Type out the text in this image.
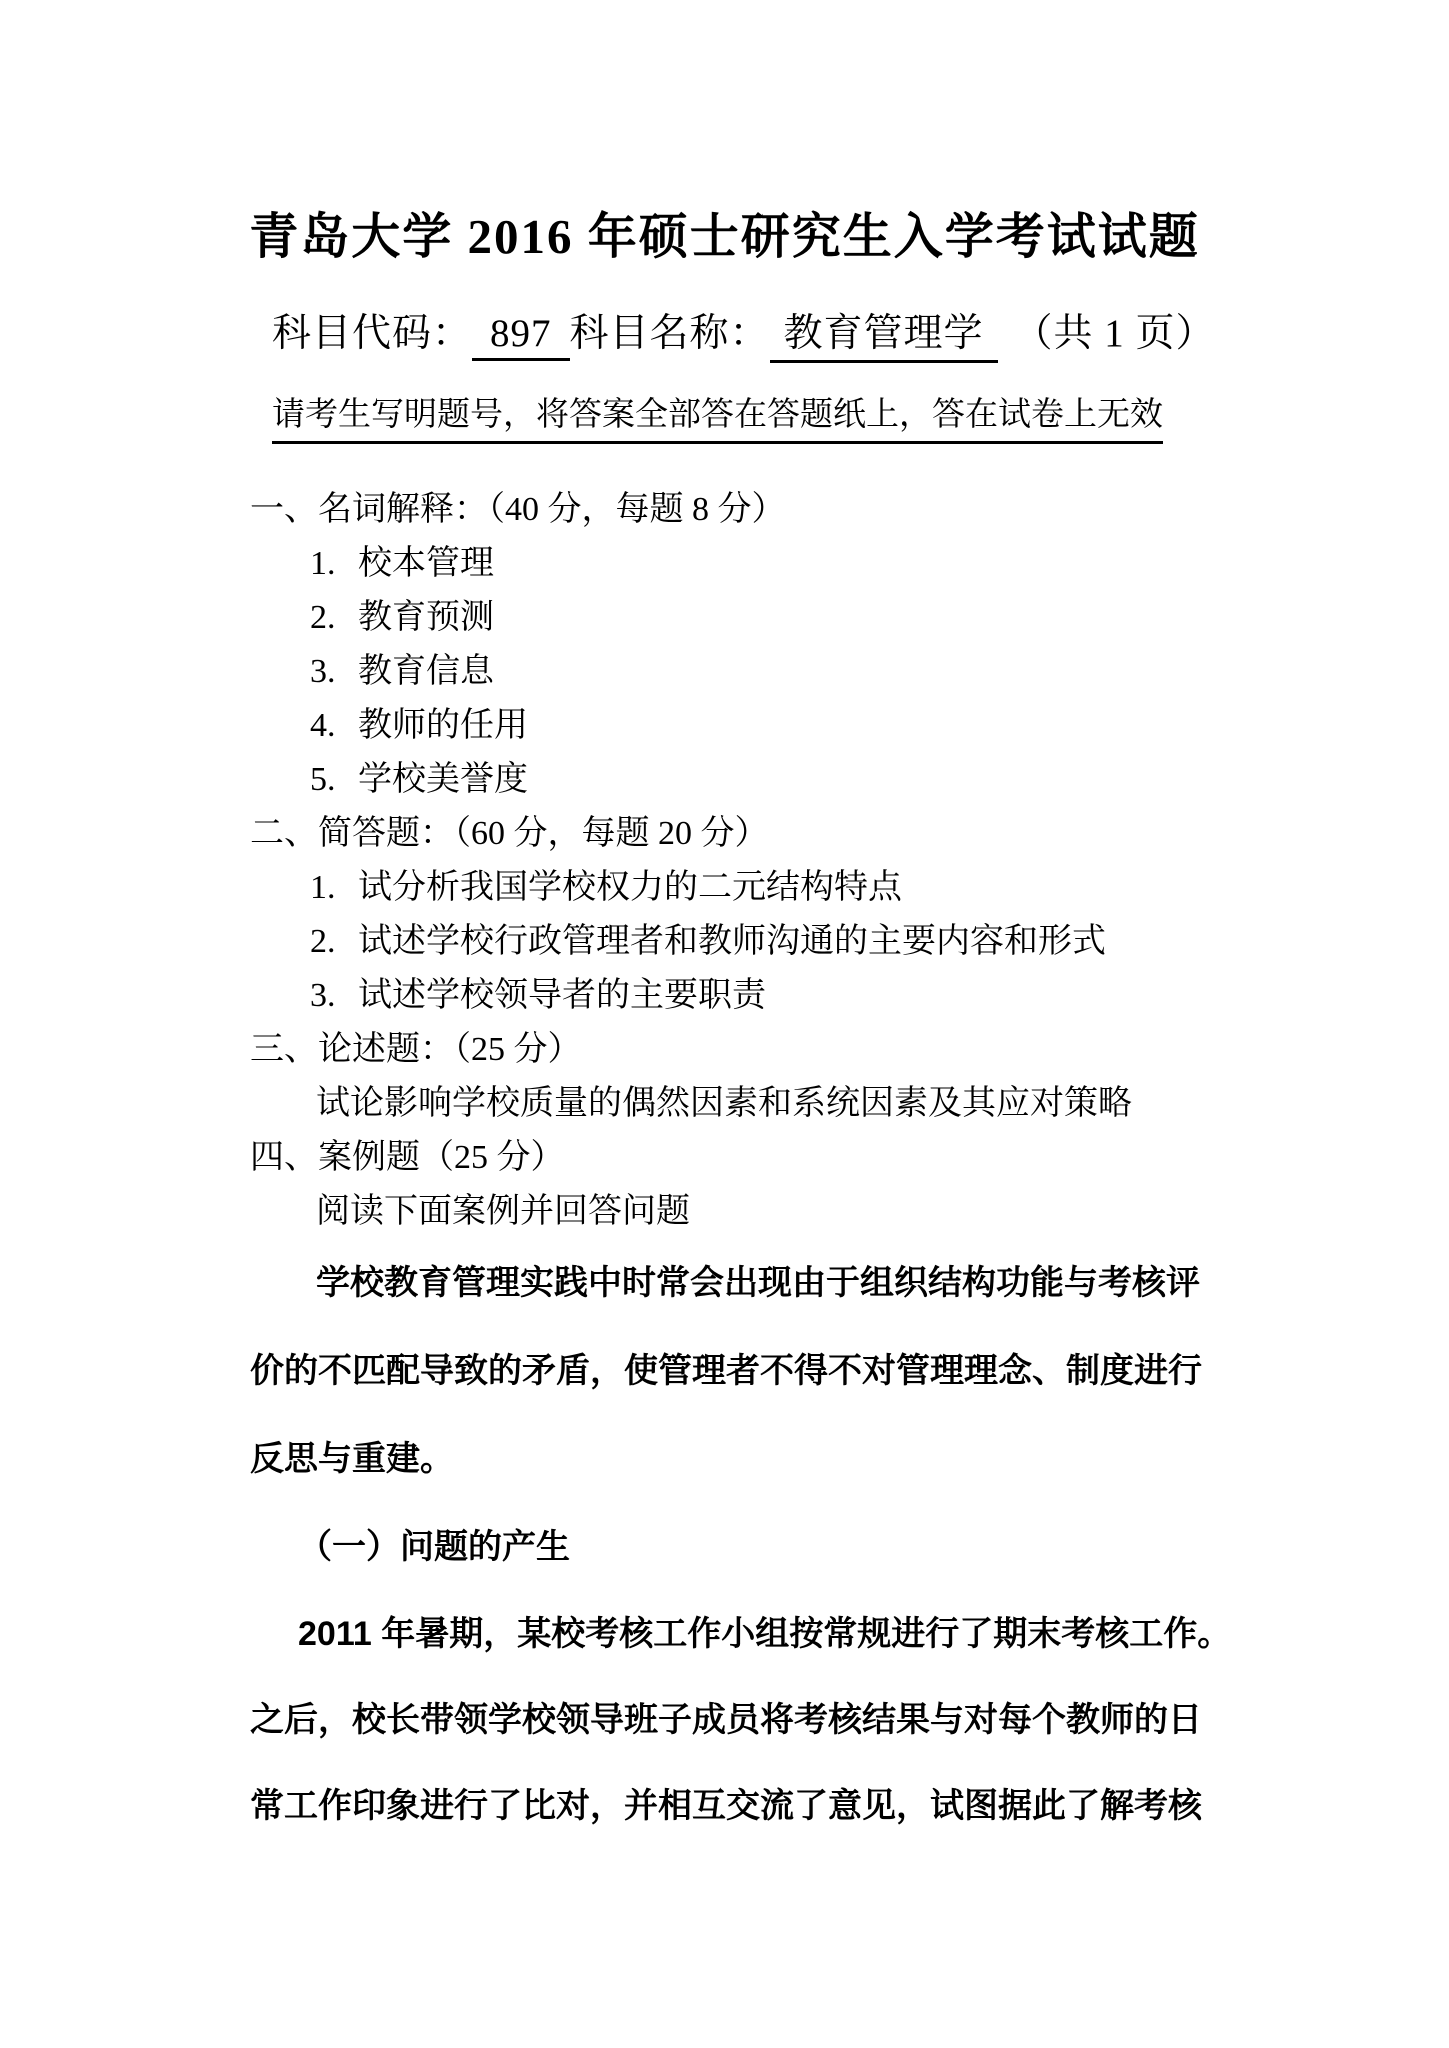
青岛大学 2016 年硕士研究生入学考试试题
科目代码： 897 科目名称： 教育管理学 （共 1 页）
请考生写明题号，将答案全部答在答题纸上，答在试卷上无效
一、名词解释：（40 分，每题 8 分）
1. 校本管理
2. 教育预测
3. 教育信息
4. 教师的任用
5. 学校美誉度
二、简答题：（60 分，每题 20 分）
1. 试分析我国学校权力的二元结构特点
2. 试述学校行政管理者和教师沟通的主要内容和形式
3. 试述学校领导者的主要职责
三、论述题：（25 分）
试论影响学校质量的偶然因素和系统因素及其应对策略
四、案例题（25 分）
阅读下面案例并回答问题
学校教育管理实践中时常会出现由于组织结构功能与考核评
价的不匹配导致的矛盾，使管理者不得不对管理理念、制度进行
反思与重建。
（一）问题的产生
2011 年暑期，某校考核工作小组按常规进行了期末考核工作。
之后，校长带领学校领导班子成员将考核结果与对每个教师的日
常工作印象进行了比对，并相互交流了意见，试图据此了解考核
